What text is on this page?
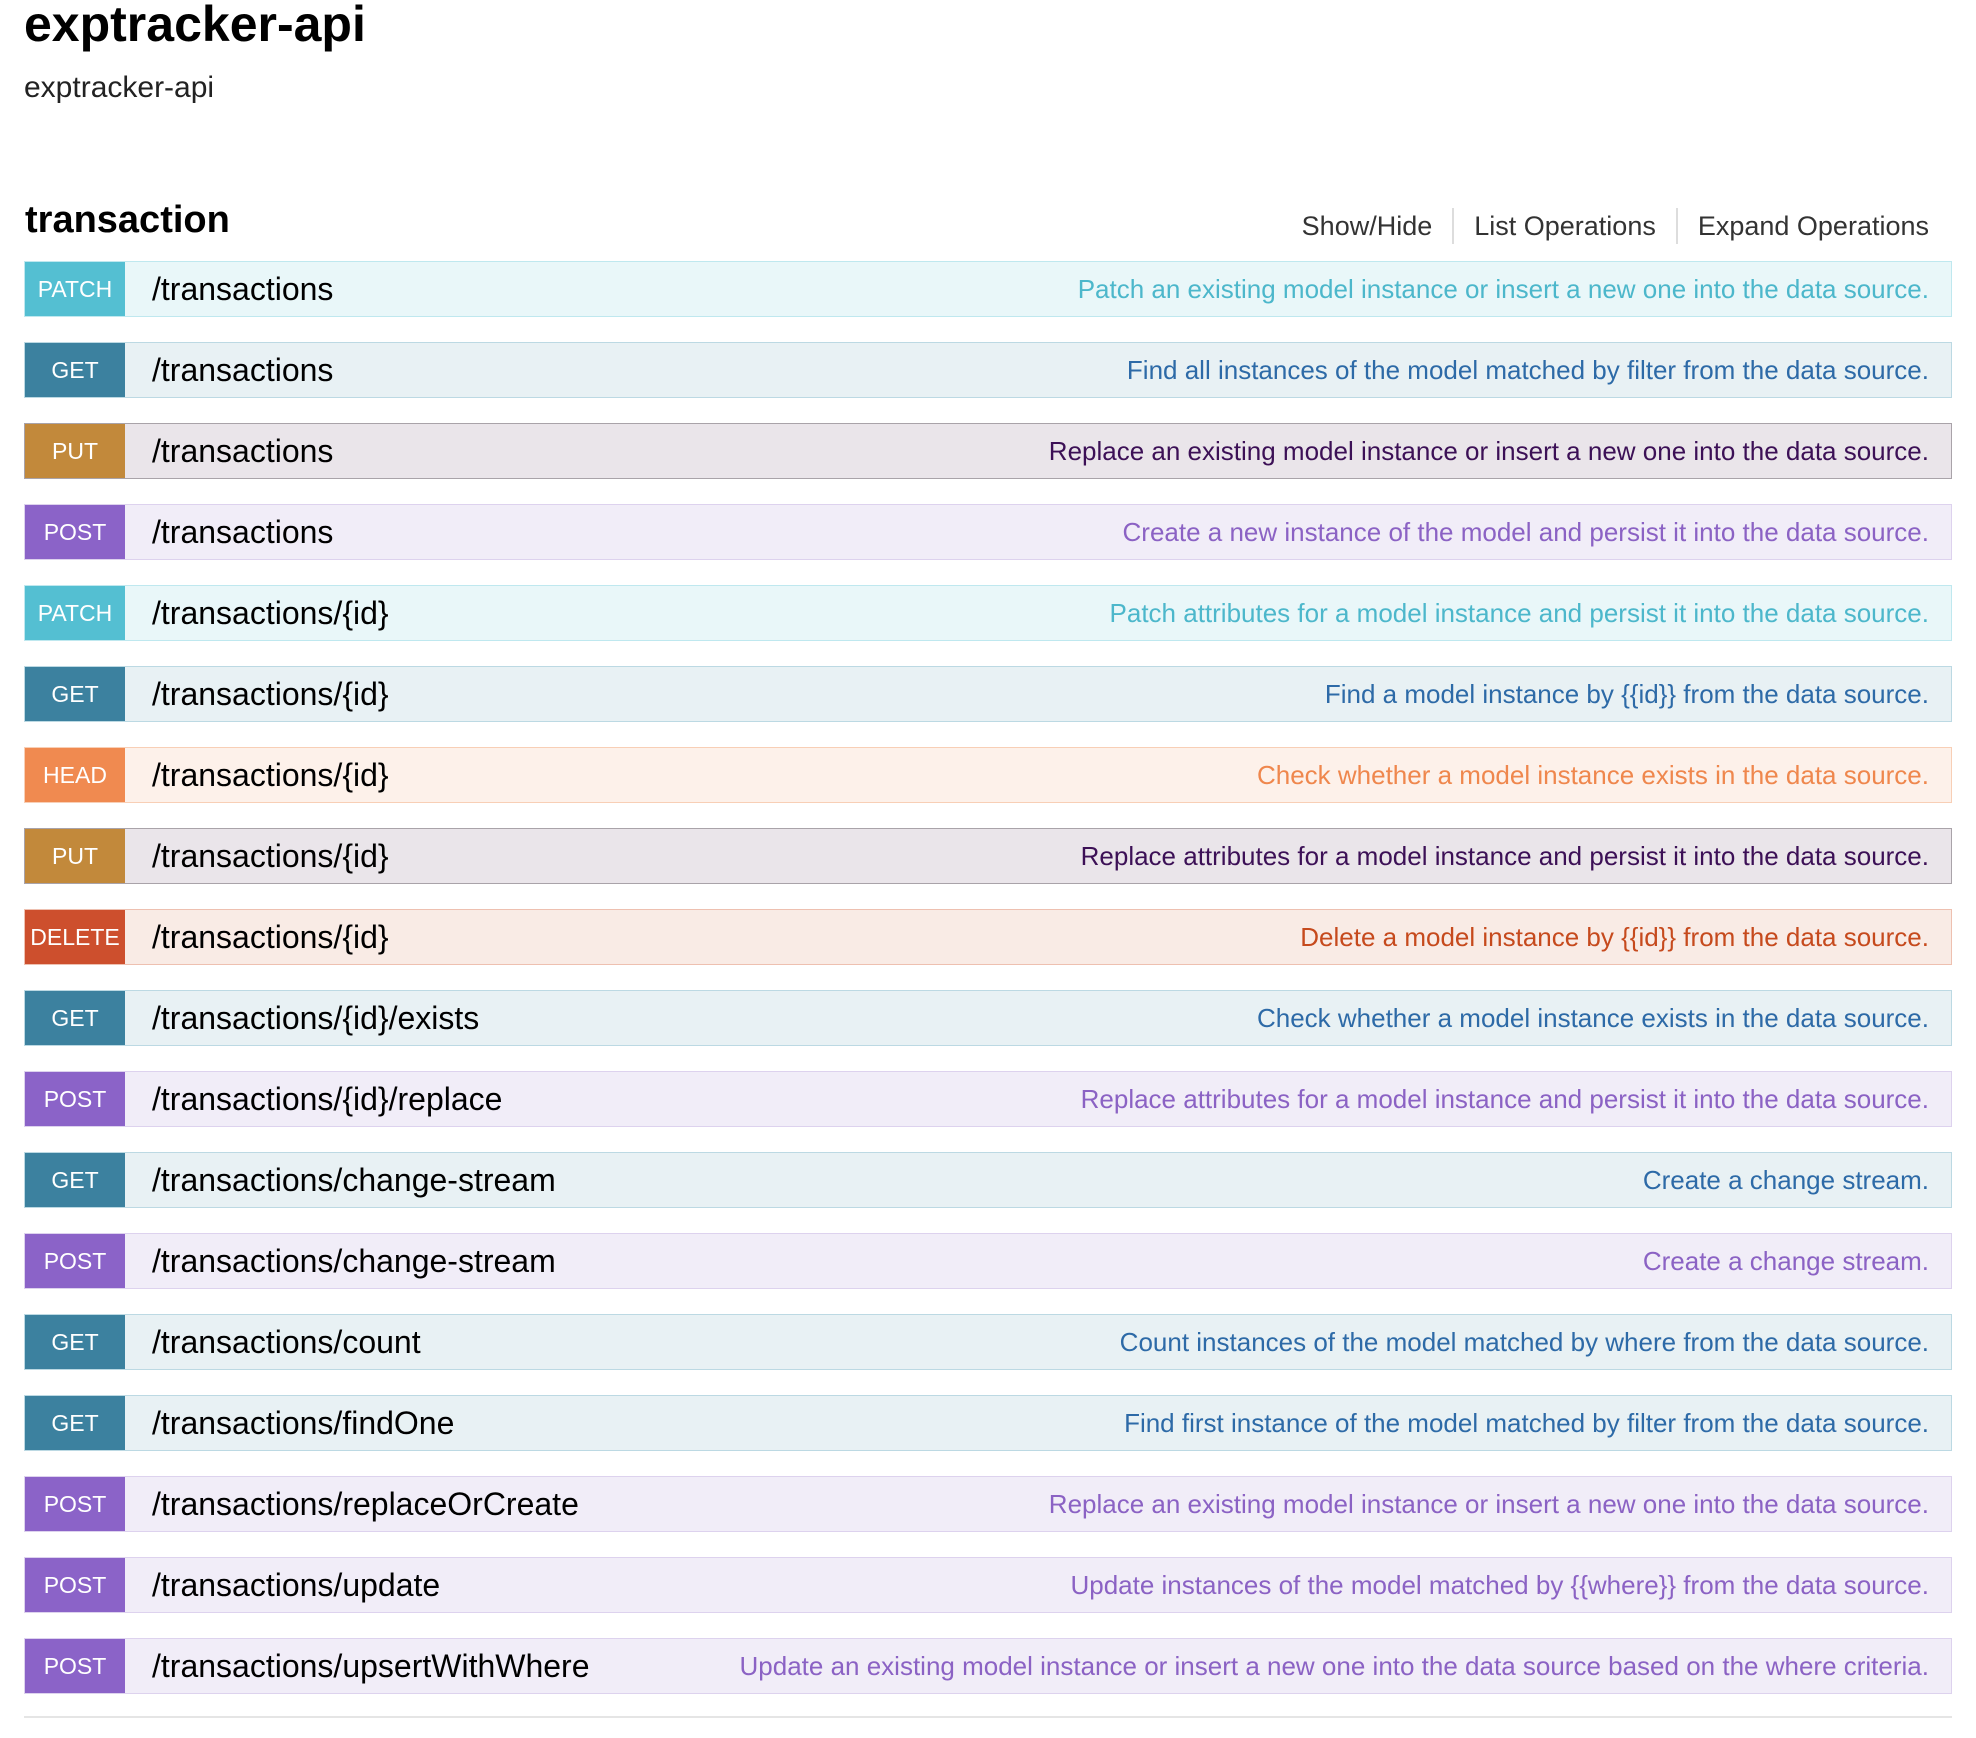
exptracker-api
exptracker-api
transaction	Show/Hide	List Operations	Expand Operations
PATCH	/transactions	Patch an existing model instance or insert a new one into the data source.
GET	/transactions	Find all instances of the model matched by filter from the data source.
PUT	/transactions	Replace an existing model instance or insert a new one into the data source.
POST	/transactions	Create a new instance of the model and persist it into the data source.
PATCH	/transactions/{id}	Patch attributes for a model instance and persist it into the data source.
GET	/transactions/{id}	Find a model instance by {{id}} from the data source.
HEAD	/transactions/{id}	Check whether a model instance exists in the data source.
PUT	/transactions/{id}	Replace attributes for a model instance and persist it into the data source.
DELETE /transactions/{id}	Delete a model instance by {{id}} from the data source.
GET	/transactions/{id}/exists	Check whether a model instance exists in the data source.
POST	/transactions/{id}/replace	Replace attributes for a model instance and persist it into the data source.
GET	/transactions/change-stream	Create a change stream.
POST	/transactions/change-stream	Create a change stream.
GET	/transactions/count	Count instances of the model matched by where from the data source.
GET	/transactions/findOne	Find first instance of the model matched by filter from the data source.
POST	/transactions/replaceOrCreate	Replace an existing model instance or insert a new one into the data source.
POST	/transactions/update	Update instances of the model matched by {{where}} from the data source.
POST	/transactions/upsertWithWhere	Update an existing model instance or insert a new one into the data source based on the where criteria.
